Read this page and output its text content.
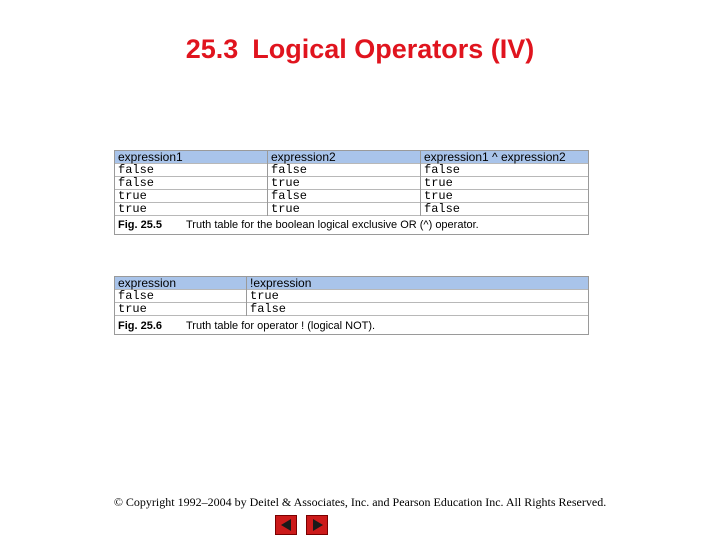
25.3 Logical Operators (IV)
expression1	expression2	expression1 ^ expression2
false	false	false
false	true	true
true	false	true
true	true	false
Fig. 25.5 Truth table for the boolean logical exclusive OR (^) operator.
expression	!expression
false	true
true	false
Fig. 25.6 Truth table for operator ! (logical NOT).
© Copyright 1992–2004 by Deitel & Associates, Inc. and Pearson Education Inc. All Rights Reserved.
